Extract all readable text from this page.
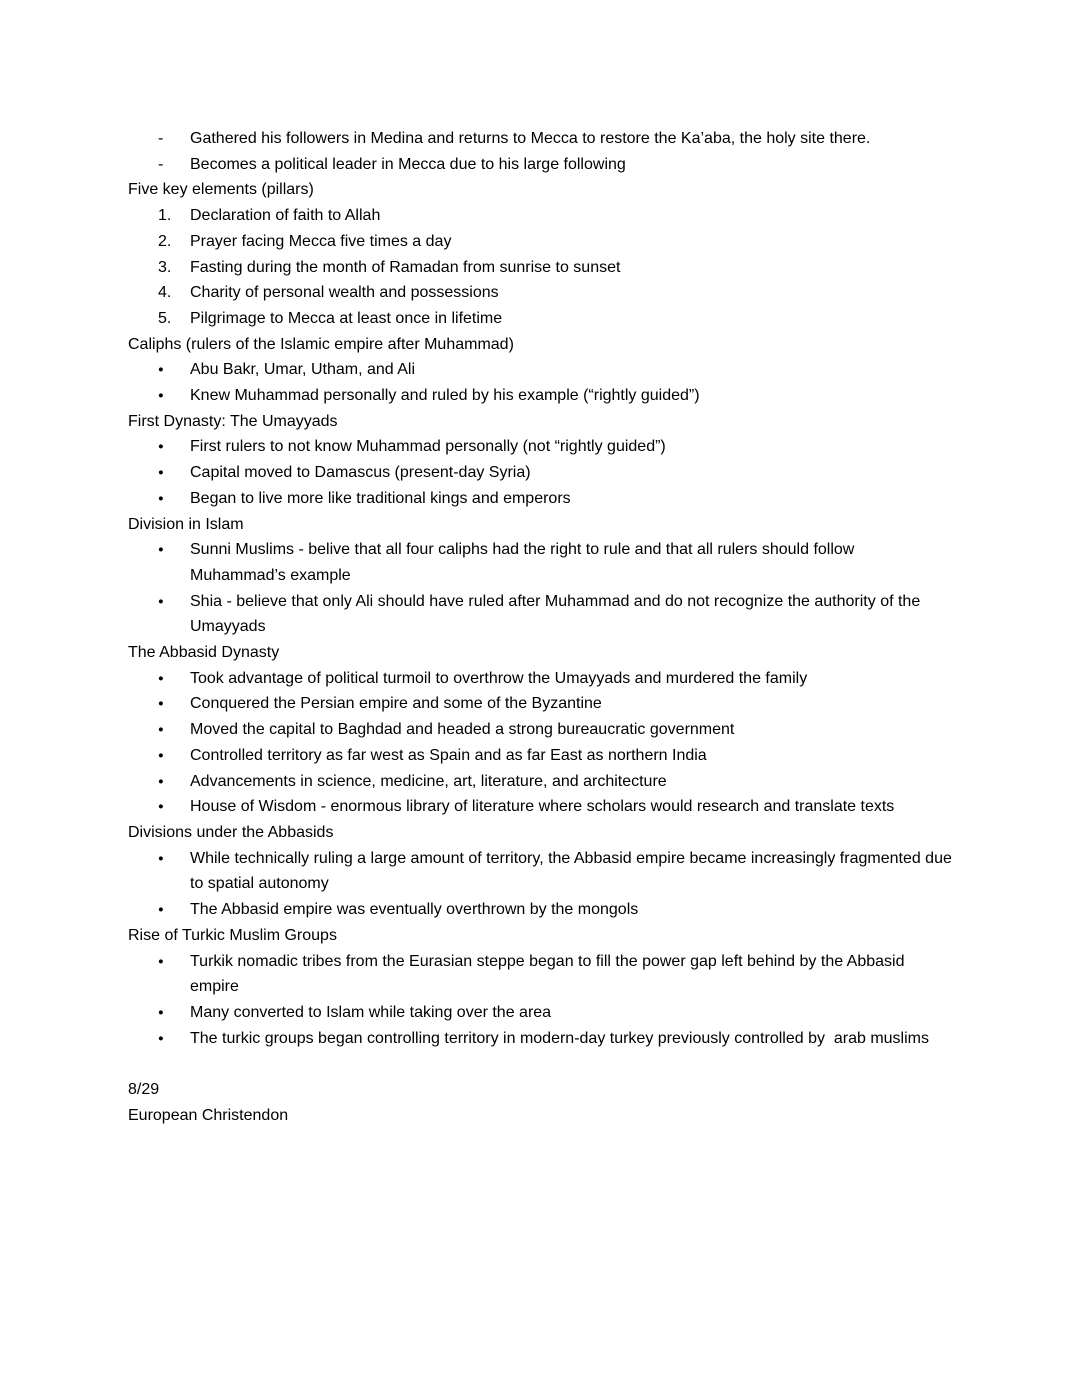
-	Gathered his followers in Medina and returns to Mecca to restore the Ka’aba, the holy site there.
-	Becomes a political leader in Mecca due to his large following
Five key elements (pillars)
1.	Declaration of faith to Allah
2.	Prayer facing Mecca five times a day
3.	Fasting during the month of Ramadan from sunrise to sunset
4.	Charity of personal wealth and possessions
5.	Pilgrimage to Mecca at least once in lifetime
Caliphs (rulers of the Islamic empire after Muhammad)
●	Abu Bakr, Umar, Utham, and Ali
●	Knew Muhammad personally and ruled by his example (“rightly guided”)
First Dynasty: The Umayyads
●	First rulers to not know Muhammad personally (not “rightly guided”)
●	Capital moved to Damascus (present-day Syria)
●	Began to live more like traditional kings and emperors
Division in Islam
●	Sunni Muslims - belive that all four caliphs had the right to rule and that all rulers should follow Muhammad’s example
●	Shia - believe that only Ali should have ruled after Muhammad and do not recognize the authority of the Umayyads
The Abbasid Dynasty
●	Took advantage of political turmoil to overthrow the Umayyads and murdered the family
●	Conquered the Persian empire and some of the Byzantine
●	Moved the capital to Baghdad and headed a strong bureaucratic government
●	Controlled territory as far west as Spain and as far East as northern India
●	Advancements in science, medicine, art, literature, and architecture
●	House of Wisdom - enormous library of literature where scholars would research and translate texts
Divisions under the Abbasids
●	While technically ruling a large amount of territory, the Abbasid empire became increasingly fragmented due to spatial autonomy
●	The Abbasid empire was eventually overthrown by the mongols
Rise of Turkic Muslim Groups
●	Turkik nomadic tribes from the Eurasian steppe began to fill the power gap left behind by the Abbasid empire
●	Many converted to Islam while taking over the area
●	The turkic groups began controlling territory in modern-day turkey previously controlled by  arab muslims
8/29
European Christendon
